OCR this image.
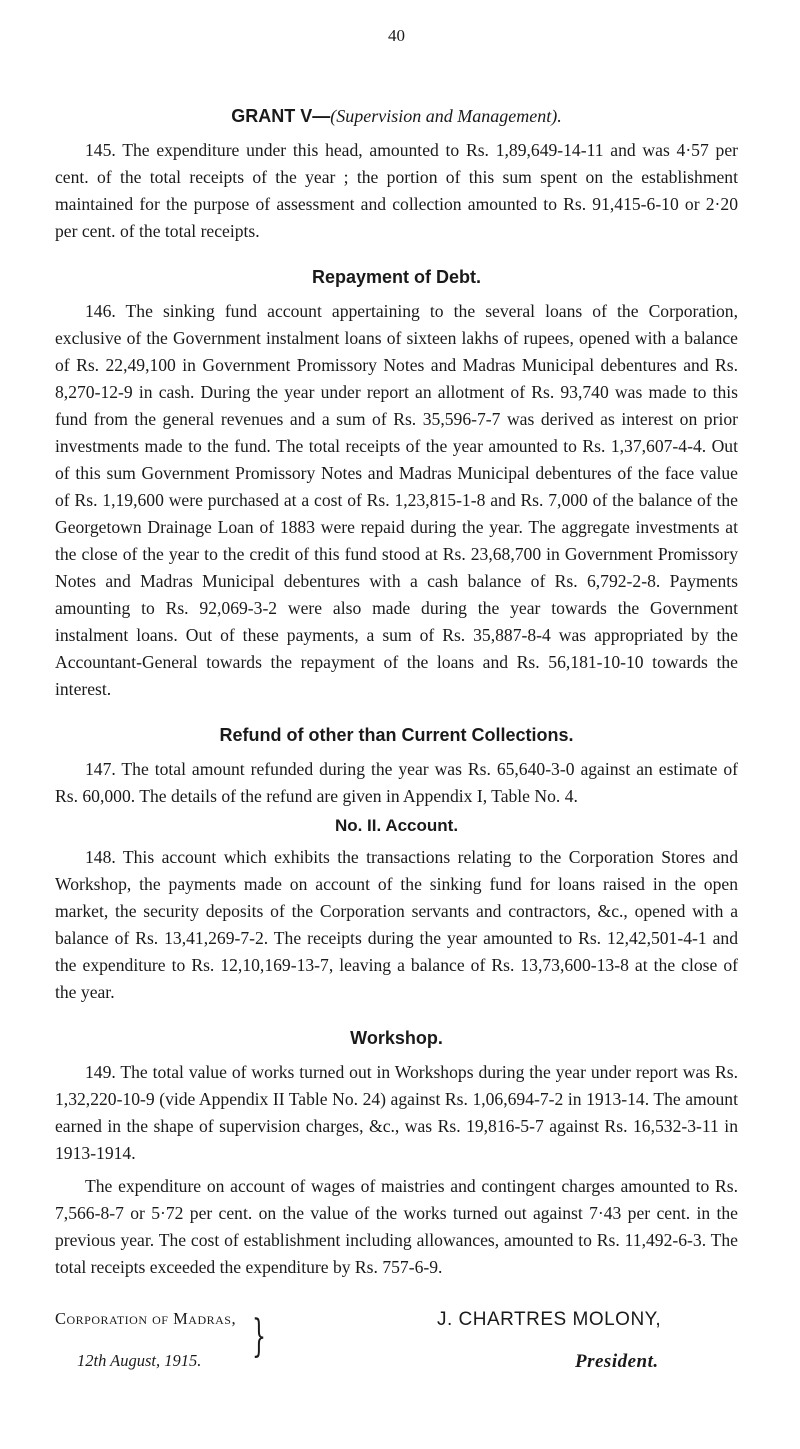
40
GRANT V—(Supervision and Management).

145. The expenditure under this head, amounted to Rs. 1,89,649-14-11 and was 4·57 per cent. of the total receipts of the year ; the portion of this sum spent on the establishment maintained for the purpose of assessment and collection amounted to Rs. 91,415-6-10 or 2·20 per cent. of the total receipts.

Repayment of Debt.

146. The sinking fund account appertaining to the several loans of the Corporation, exclusive of the Government instalment loans of sixteen lakhs of rupees, opened with a balance of Rs. 22,49,100 in Government Promissory Notes and Madras Municipal debentures and Rs. 8,270-12-9 in cash. During the year under report an allotment of Rs. 93,740 was made to this fund from the general revenues and a sum of Rs. 35,596-7-7 was derived as interest on prior investments made to the fund. The total receipts of the year amounted to Rs. 1,37,607-4-4. Out of this sum Government Promissory Notes and Madras Municipal debentures of the face value of Rs. 1,19,600 were purchased at a cost of Rs. 1,23,815-1-8 and Rs. 7,000 of the balance of the Georgetown Drainage Loan of 1883 were repaid during the year. The aggregate investments at the close of the year to the credit of this fund stood at Rs. 23,68,700 in Government Promissory Notes and Madras Municipal debentures with a cash balance of Rs. 6,792-2-8. Payments amounting to Rs. 92,069-3-2 were also made during the year towards the Government instalment loans. Out of these payments, a sum of Rs. 35,887-8-4 was appropriated by the Accountant-General towards the repayment of the loans and Rs. 56,181-10-10 towards the interest.

Refund of other than Current Collections.

147. The total amount refunded during the year was Rs. 65,640-3-0 against an estimate of Rs. 60,000. The details of the refund are given in Appendix I, Table No. 4.

No. II. Account.

148. This account which exhibits the transactions relating to the Corporation Stores and Workshop, the payments made on account of the sinking fund for loans raised in the open market, the security deposits of the Corporation servants and contractors, &c., opened with a balance of Rs. 13,41,269-7-2. The receipts during the year amounted to Rs. 12,42,501-4-1 and the expenditure to Rs. 12,10,169-13-7, leaving a balance of Rs. 13,73,600-13-8 at the close of the year.

Workshop.

149. The total value of works turned out in Workshops during the year under report was Rs. 1,32,220-10-9 (vide Appendix II Table No. 24) against Rs. 1,06,694-7-2 in 1913-14. The amount earned in the shape of supervision charges, &c., was Rs. 19,816-5-7 against Rs. 16,532-3-11 in 1913-1914.

The expenditure on account of wages of maistries and contingent charges amounted to Rs. 7,566-8-7 or 5·72 per cent. on the value of the works turned out against 7·43 per cent. in the previous year. The cost of establishment including allowances, amounted to Rs. 11,492-6-3. The total receipts exceeded the expenditure by Rs. 757-6-9.

Corporation of Madras,
12th August, 1915.	}	J. CHARTRES MOLONY,
President.
